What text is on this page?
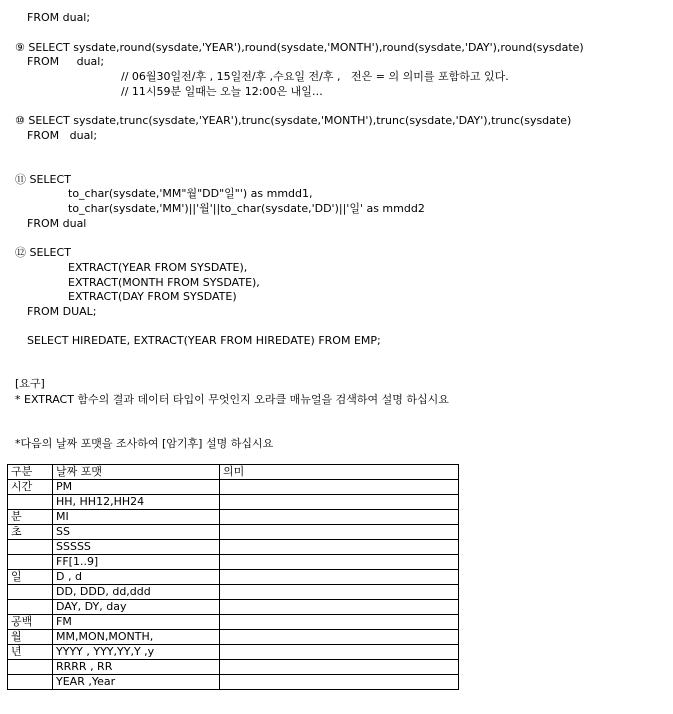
FROM dual;
⑨ SELECT sysdate,round(sysdate,'YEAR'),round(sysdate,'MONTH'),round(sysdate,'DAY'),round(sysdate)
FROM     dual;
// 06월30일전/후 , 15일전/후 ,수요일 전/후 ,   전은 = 의 의미를 포함하고 있다.
// 11시59분 일때는 오늘 12:00은 내일…
⑩ SELECT sysdate,trunc(sysdate,'YEAR'),trunc(sysdate,'MONTH'),trunc(sysdate,'DAY'),trunc(sysdate)
FROM   dual;
⑪ SELECT
to_char(sysdate,'MM"월"DD"일"') as mmdd1,
to_char(sysdate,'MM')||'월'||to_char(sysdate,'DD')||'일' as mmdd2
FROM dual
⑫ SELECT
EXTRACT(YEAR FROM SYSDATE),
EXTRACT(MONTH FROM SYSDATE),
EXTRACT(DAY FROM SYSDATE)
FROM DUAL;
SELECT HIREDATE, EXTRACT(YEAR FROM HIREDATE) FROM EMP;
[요구]
* EXTRACT 함수의 결과 데이터 타입이 무엇인지 오라클 매뉴얼을 검색하여 설명 하십시요
*다음의 날짜 포맷을 조사하여 [암기후] 설명 하십시요
구분	날짜 포맷	의미
시간	PM	
	HH, HH12,HH24	
분	MI	
초	SS	
	SSSSS	
	FF[1..9]	
일	D , d	
	DD, DDD, dd,ddd	
	DAY, DY, day	
공백	FM	
월	MM,MON,MONTH,	
년	YYYY , YYY,YY,Y ,y	
	RRRR , RR	
	YEAR ,Year	
